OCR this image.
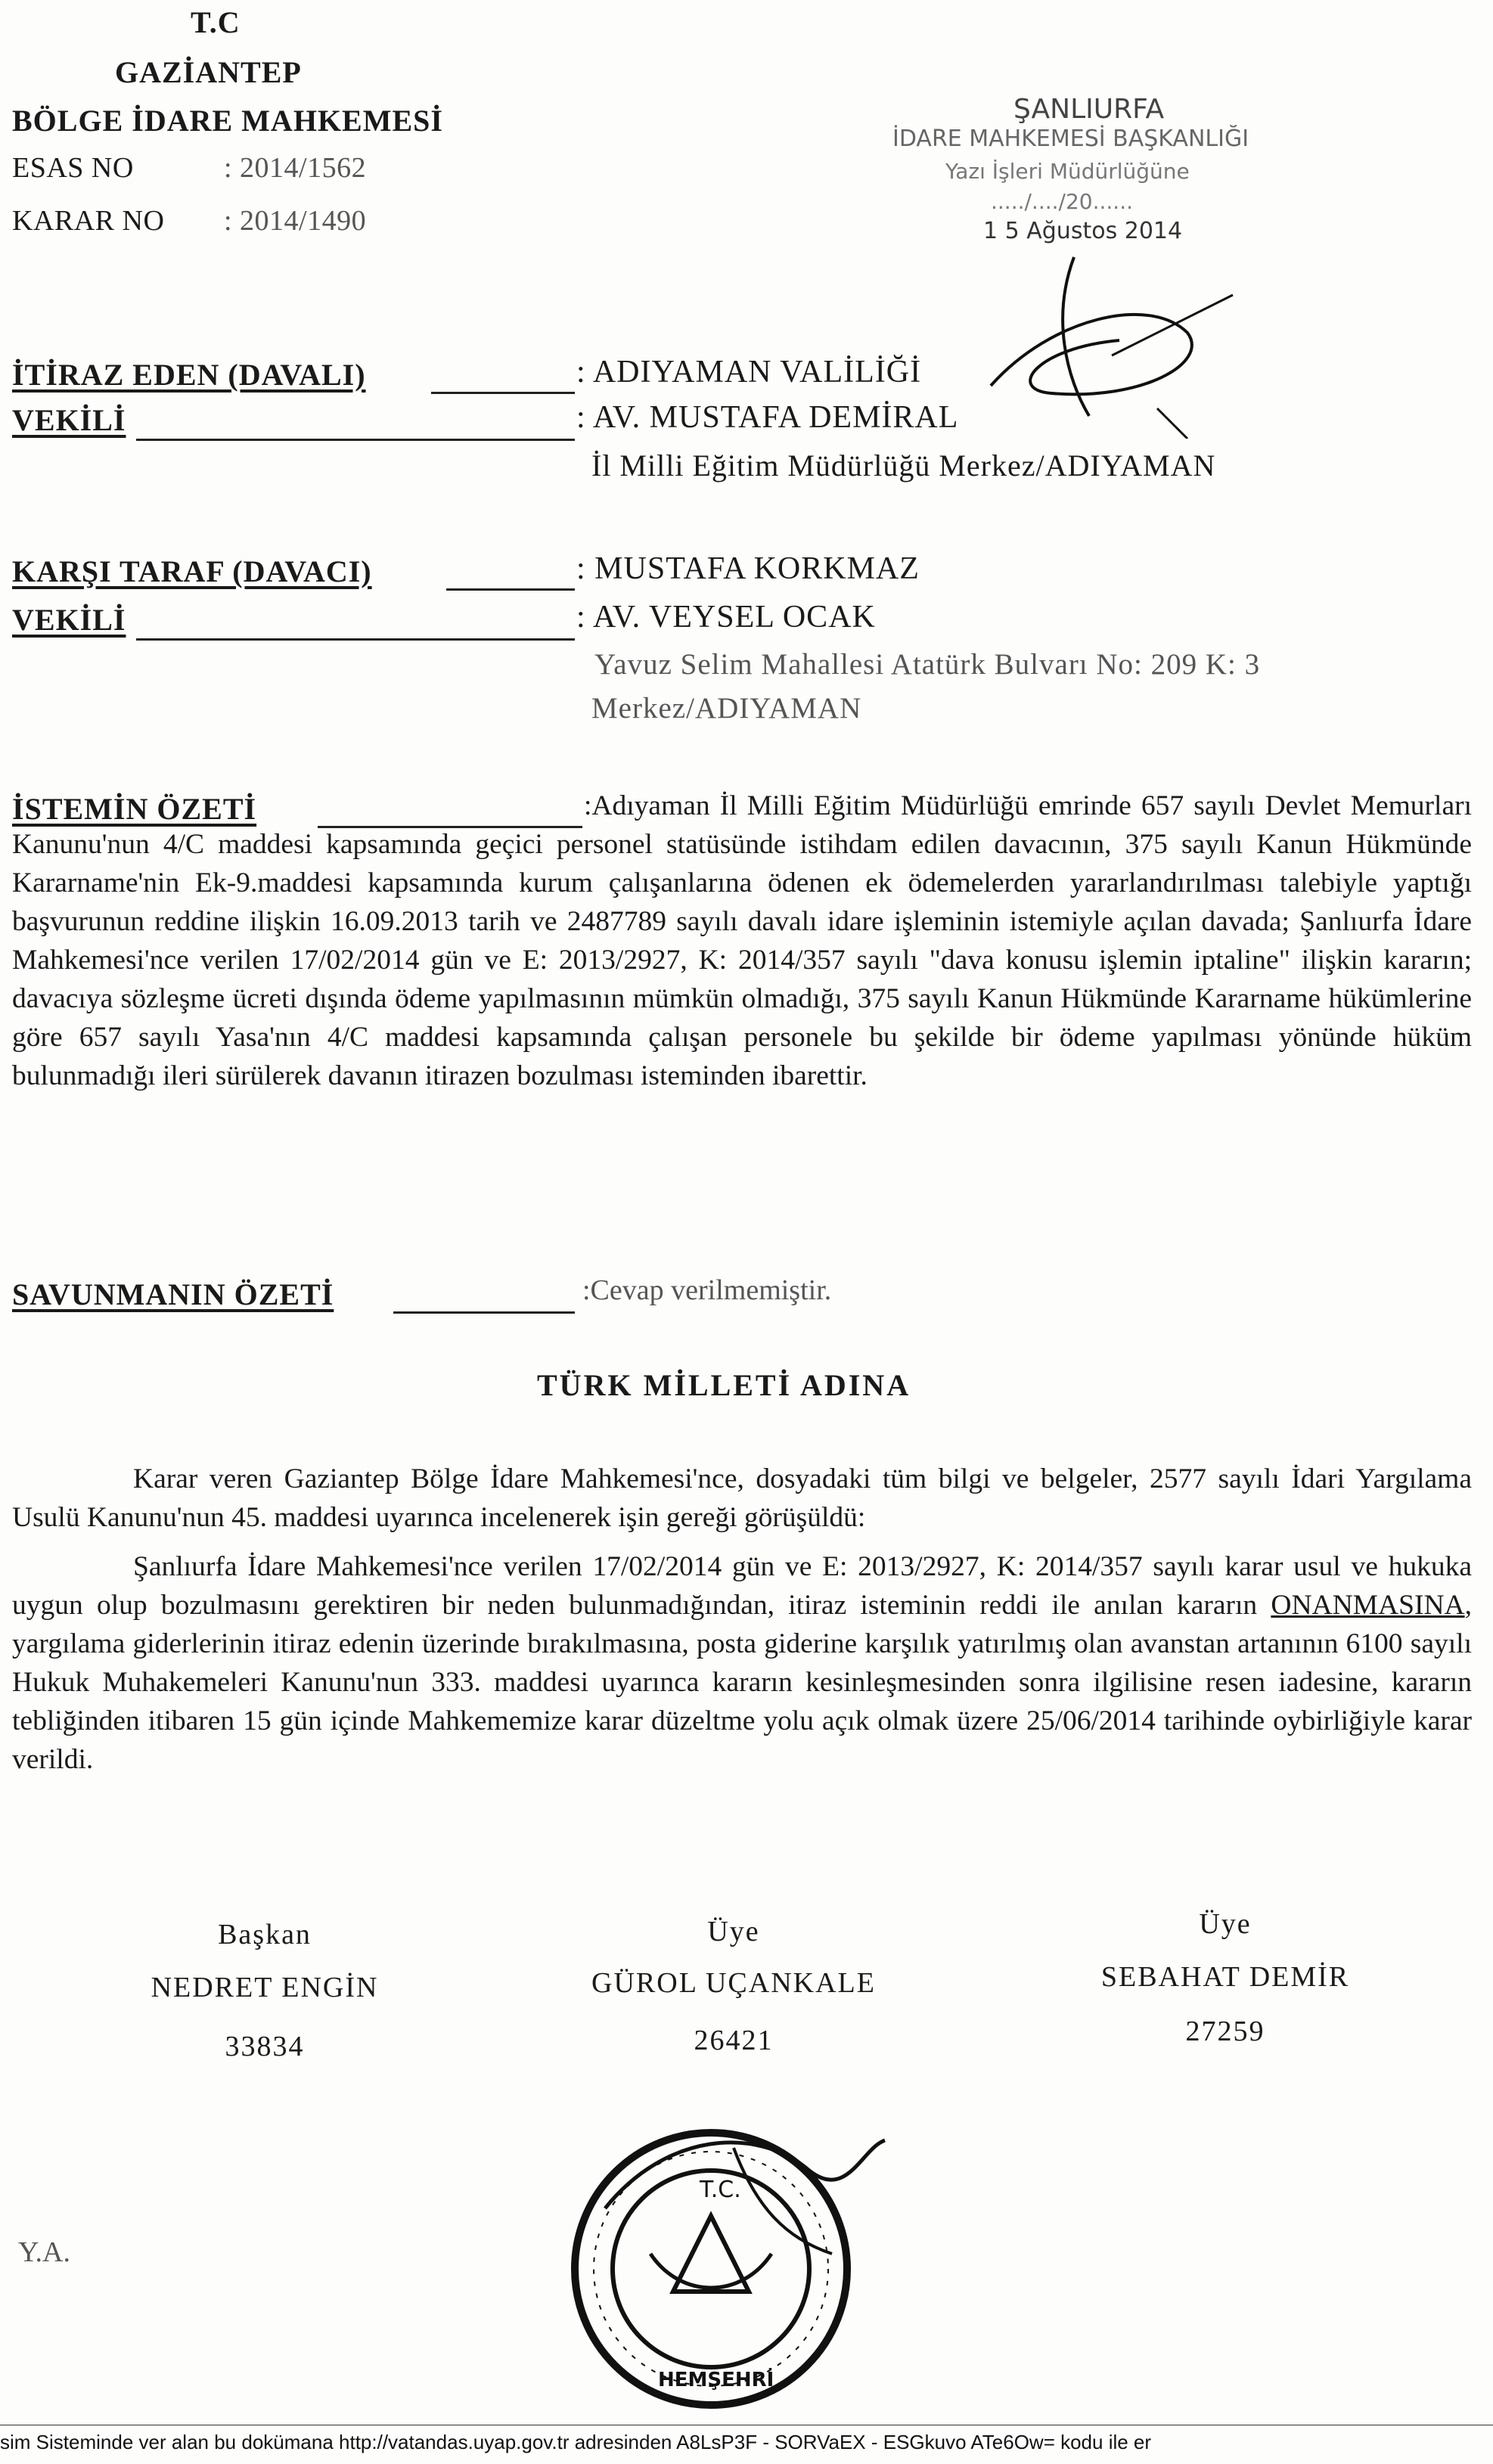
T.C
GAZİANTEP
BÖLGE İDARE MAHKEMESİ
ESAS NO	: 2014/1562
KARAR NO : 2014/1490
ŞANLIURFA
İDARE MAHKEMESİ BAŞKANLIĞI
Yazı İşleri Müdürlüğüne
...../..../20......
1 5 Ağustos 2014
İTİRAZ EDEN (DAVALI)	: ADIYAMAN VALİLİĞİ
VEKİLİ	: AV. MUSTAFA DEMİRAL
İl Milli Eğitim Müdürlüğü Merkez/ADIYAMAN
KARŞI TARAF (DAVACI)	: MUSTAFA KORKMAZ
VEKİLİ	: AV. VEYSEL OCAK
Yavuz Selim Mahallesi Atatürk Bulvarı No: 209 K: 3
Merkez/ADIYAMAN
İSTEMİN ÖZETİ	:Adıyaman İl Milli Eğitim Müdürlüğü emrinde 657 sayılı Devlet Memurları Kanunu'nun 4/C maddesi kapsamında geçici personel statüsünde istihdam edilen davacının, 375 sayılı Kanun Hükmünde Kararname'nin Ek-9.maddesi kapsamında kurum çalışanlarına ödenen ek ödemelerden yararlandırılması talebiyle yaptığı başvurunun reddine ilişkin 16.09.2013 tarih ve 2487789 sayılı davalı idare işleminin istemiyle açılan davada; Şanlıurfa İdare Mahkemesi'nce verilen 17/02/2014 gün ve E: 2013/2927, K: 2014/357 sayılı "dava konusu işlemin iptaline" ilişkin kararın; davacıya sözleşme ücreti dışında ödeme yapılmasının mümkün olmadığı, 375 sayılı Kanun Hükmünde Kararname hükümlerine göre 657 sayılı Yasa'nın 4/C maddesi kapsamında çalışan personele bu şekilde bir ödeme yapılması yönünde hüküm bulunmadığı ileri sürülerek davanın itirazen bozulması isteminden ibarettir.
SAVUNMANIN ÖZETİ	:Cevap verilmemiştir.
TÜRK MİLLETİ ADINA
Karar veren Gaziantep Bölge İdare Mahkemesi'nce, dosyadaki tüm bilgi ve belgeler, 2577 sayılı İdari Yargılama Usulü Kanunu'nun 45. maddesi uyarınca incelenerek işin gereği görüşüldü:
Şanlıurfa İdare Mahkemesi'nce verilen 17/02/2014 gün ve E: 2013/2927, K: 2014/357 sayılı karar usul ve hukuka uygun olup bozulmasını gerektiren bir neden bulunmadığından, itiraz isteminin reddi ile anılan kararın ONANMASINA, yargılama giderlerinin itiraz edenin üzerinde bırakılmasına, posta giderine karşılık yatırılmış olan avanstan artanının 6100 sayılı Hukuk Muhakemeleri Kanunu'nun 333. maddesi uyarınca kararın kesinleşmesinden sonra ilgilisine resen iadesine, kararın tebliğinden itibaren 15 gün içinde Mahkememize karar düzeltme yolu açık olmak üzere 25/06/2014 tarihinde oybirliğiyle karar verildi.
Başkan
NEDRET ENGİN
33834
Üye
GÜROL UÇANKALE
26421
Üye
SEBAHAT DEMİR
27259
Y.A.
T.C.
HEMŞEHRİ
sim Sisteminde ver alan bu dokümana http://vatandas.uyap.gov.tr adresinden A8LsP3F - SORVaEX - ESGkuvo ATe6Ow= kodu ile er
